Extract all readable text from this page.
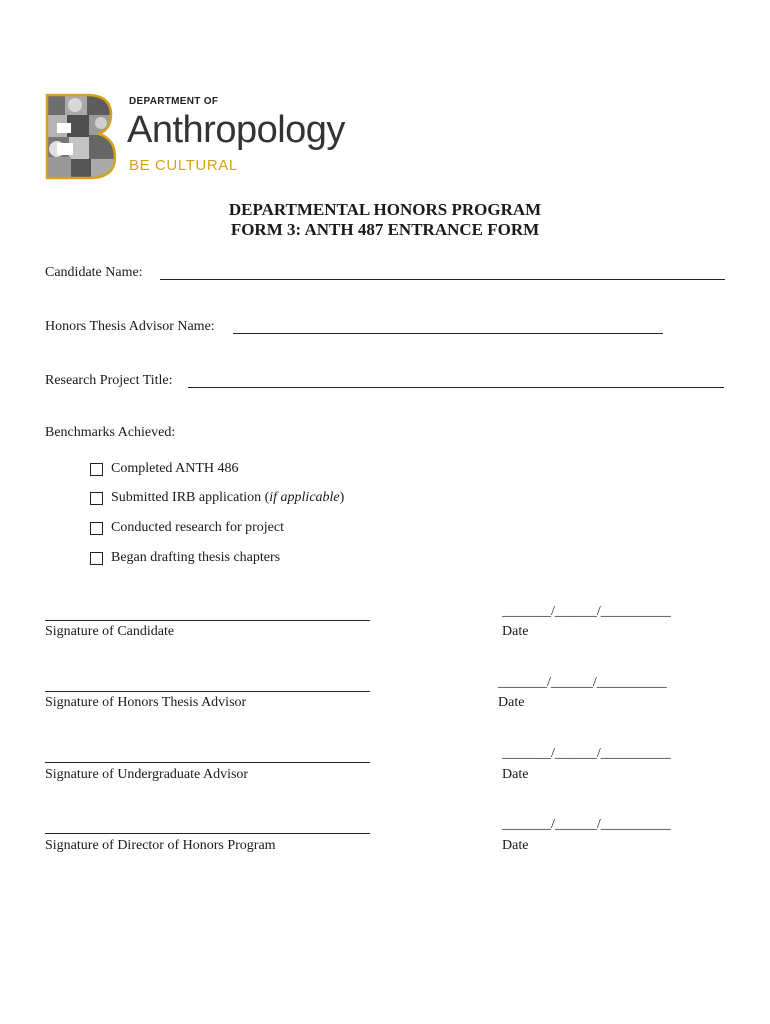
DEPARTMENT OF
Anthropology
BE CULTURAL
DEPARTMENTAL HONORS PROGRAM
FORM 3: ANTH 487 ENTRANCE FORM
Candidate Name:
Honors Thesis Advisor Name:
Research Project Title:
Benchmarks Achieved:
Completed ANTH 486
Submitted IRB application (if applicable)
Conducted research for project
Began drafting thesis chapters
Signature of Candidate
_______/______/__________
Date
Signature of Honors Thesis Advisor
_______/______/__________
Date
Signature of Undergraduate Advisor
_______/______/__________
Date
Signature of Director of Honors Program
_______/______/__________
Date
